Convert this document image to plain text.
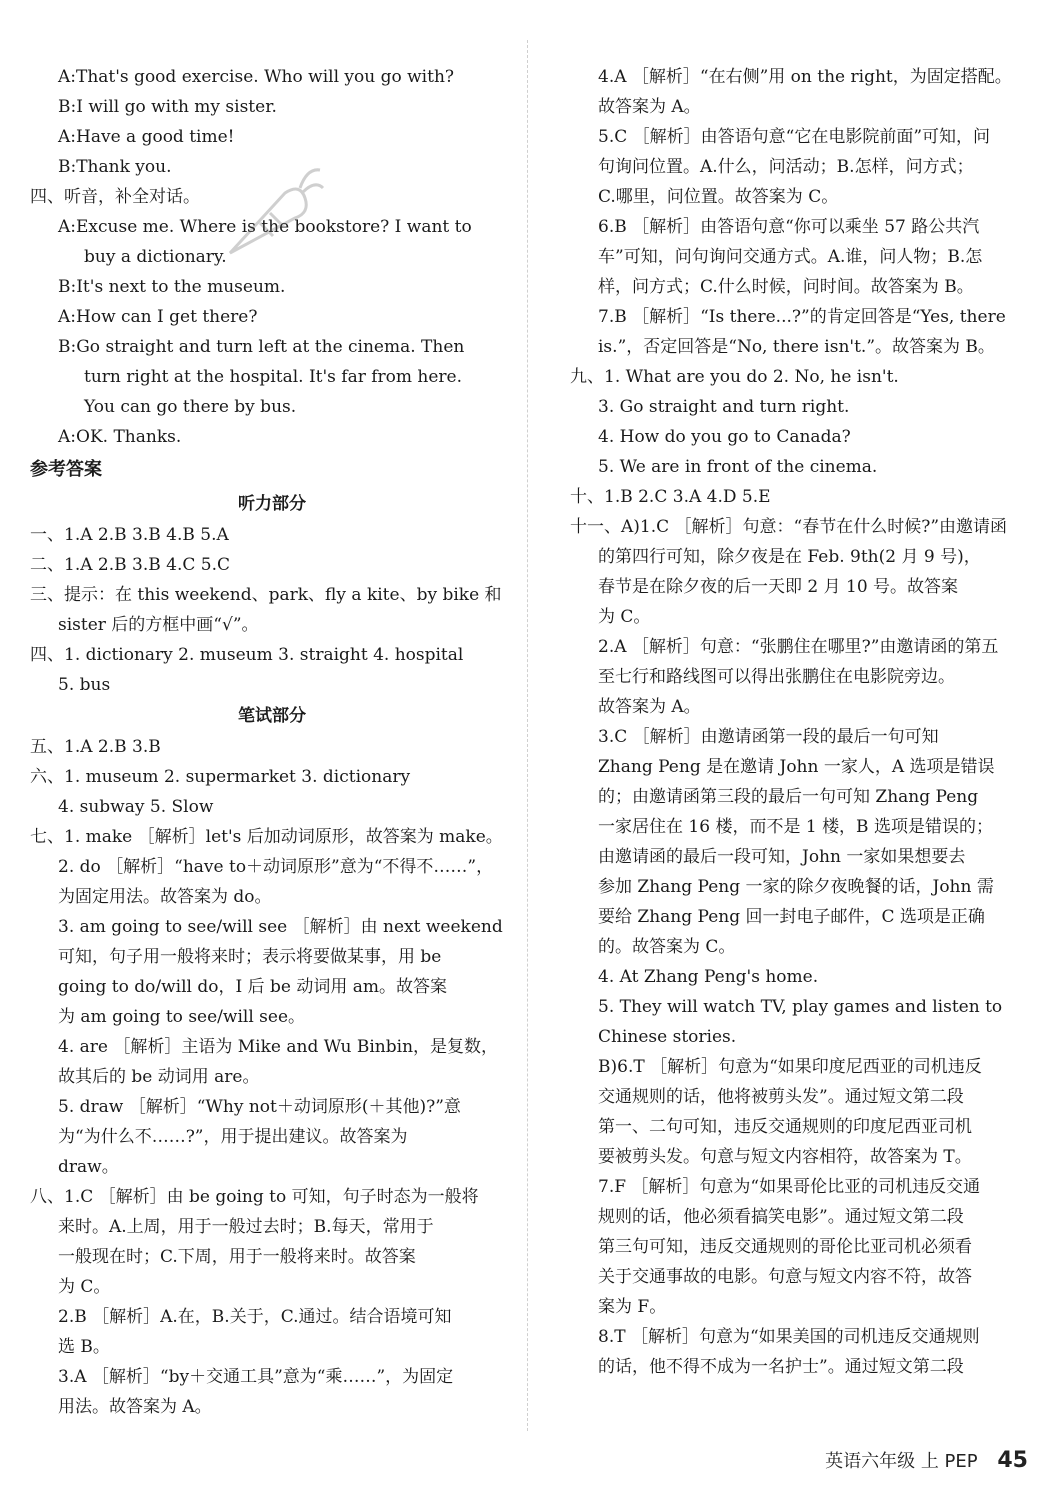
A:That's good exercise. Who will you go with?
B:I will go with my sister.
A:Have a good time!
B:Thank you.
四、听音，补全对话。
A:Excuse me. Where is the bookstore? I want to
buy a dictionary.
B:It's next to the museum.
A:How can I get there?
B:Go straight and turn left at the cinema. Then
turn right at the hospital. It's far from here.
You can go there by bus.
A:OK. Thanks.
参考答案
听力部分
一、1.A 2.B 3.B 4.B 5.A
二、1.A 2.B 3.B 4.C 5.C
三、提示：在 this weekend、park、fly a kite、by bike 和
sister 后的方框中画“√”。
四、1. dictionary 2. museum 3. straight 4. hospital
5. bus
笔试部分
五、1.A 2.B 3.B
六、1. museum 2. supermarket 3. dictionary
4. subway 5. Slow
七、1. make ［解析］let's 后加动词原形，故答案为 make。
2. do ［解析］“have to＋动词原形”意为“不得不……”，
为固定用法。故答案为 do。
3. am going to see/will see ［解析］由 next weekend
可知，句子用一般将来时；表示将要做某事，用 be
going to do/will do，I 后 be 动词用 am。故答案
为 am going to see/will see。
4. are ［解析］主语为 Mike and Wu Binbin，是复数，
故其后的 be 动词用 are。
5. draw ［解析］“Why not＋动词原形(＋其他)?”意
为“为什么不……?”，用于提出建议。故答案为
draw。
八、1.C ［解析］由 be going to 可知，句子时态为一般将
来时。A.上周，用于一般过去时；B.每天，常用于
一般现在时；C.下周，用于一般将来时。故答案
为 C。
2.B ［解析］A.在，B.关于，C.通过。结合语境可知
选 B。
3.A ［解析］“by＋交通工具”意为“乘……”，为固定
用法。故答案为 A。
4.A ［解析］“在右侧”用 on the right，为固定搭配。
故答案为 A。
5.C ［解析］由答语句意“它在电影院前面”可知，问
句询问位置。A.什么，问活动；B.怎样，问方式；
C.哪里，问位置。故答案为 C。
6.B ［解析］由答语句意“你可以乘坐 57 路公共汽
车”可知，问句询问交通方式。A.谁，问人物；B.怎
样，问方式；C.什么时候，问时间。故答案为 B。
7.B ［解析］“Is there...?”的肯定回答是“Yes, there
is.”，否定回答是“No, there isn't.”。故答案为 B。
九、1. What are you do 2. No, he isn't.
3. Go straight and turn right.
4. How do you go to Canada?
5. We are in front of the cinema.
十、1.B 2.C 3.A 4.D 5.E
十一、A)1.C ［解析］句意：“春节在什么时候?”由邀请函
的第四行可知，除夕夜是在 Feb. 9th(2 月 9 号)，
春节是在除夕夜的后一天即 2 月 10 号。故答案
为 C。
2.A ［解析］句意：“张鹏住在哪里?”由邀请函的第五
至七行和路线图可以得出张鹏住在电影院旁边。
故答案为 A。
3.C ［解析］由邀请函第一段的最后一句可知
Zhang Peng 是在邀请 John 一家人，A 选项是错误
的；由邀请函第三段的最后一句可知 Zhang Peng
一家居住在 16 楼，而不是 1 楼，B 选项是错误的；
由邀请函的最后一段可知，John 一家如果想要去
参加 Zhang Peng 一家的除夕夜晚餐的话，John 需
要给 Zhang Peng 回一封电子邮件，C 选项是正确
的。故答案为 C。
4. At Zhang Peng's home.
5. They will watch TV, play games and listen to
Chinese stories.
B)6.T ［解析］句意为“如果印度尼西亚的司机违反
交通规则的话，他将被剪头发”。通过短文第二段
第一、二句可知，违反交通规则的印度尼西亚司机
要被剪头发。句意与短文内容相符，故答案为 T。
7.F ［解析］句意为“如果哥伦比亚的司机违反交通
规则的话，他必须看搞笑电影”。通过短文第二段
第三句可知，违反交通规则的哥伦比亚司机必须看
关于交通事故的电影。句意与短文内容不符，故答
案为 F。
8.T ［解析］句意为“如果美国的司机违反交通规则
的话，他不得不成为一名护士”。通过短文第二段
英语六年级 上 PEP 45
